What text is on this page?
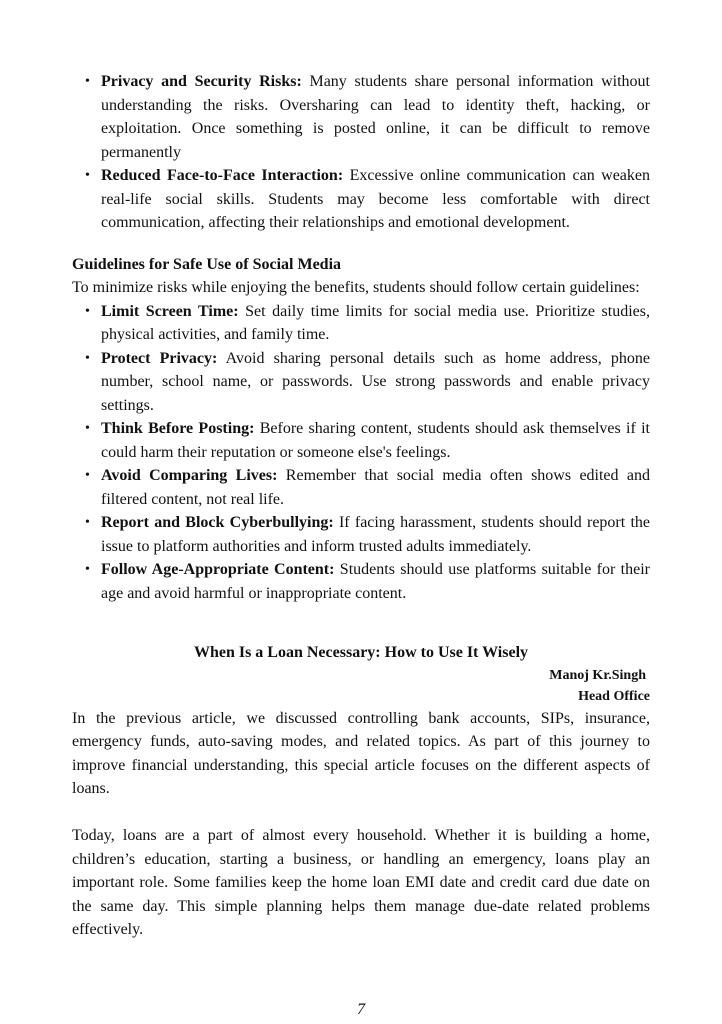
• Privacy and Security Risks: Many students share personal information without understanding the risks. Oversharing can lead to identity theft, hacking, or exploitation. Once something is posted online, it can be difficult to remove permanently
• Reduced Face-to-Face Interaction: Excessive online communication can weaken real-life social skills. Students may become less comfortable with direct communication, affecting their relationships and emotional development.
Guidelines for Safe Use of Social Media

To minimize risks while enjoying the benefits, students should follow certain guidelines:

• Limit Screen Time: Set daily time limits for social media use. Prioritize studies, physical activities, and family time.
• Protect Privacy: Avoid sharing personal details such as home address, phone number, school name, or passwords. Use strong passwords and enable privacy settings.
• Think Before Posting: Before sharing content, students should ask themselves if it could harm their reputation or someone else's feelings.
• Avoid Comparing Lives: Remember that social media often shows edited and filtered content, not real life.
• Report and Block Cyberbullying: If facing harassment, students should report the issue to platform authorities and inform trusted adults immediately.
• Follow Age-Appropriate Content: Students should use platforms suitable for their age and avoid harmful or inappropriate content.
When Is a Loan Necessary: How to Use It Wisely
Manoj Kr.Singh
Head Office

In the previous article, we discussed controlling bank accounts, SIPs, insurance, emergency funds, auto-saving modes, and related topics. As part of this journey to improve financial understanding, this special article focuses on the different aspects of loans.

Today, loans are a part of almost every household. Whether it is building a home, children’s education, starting a business, or handling an emergency, loans play an important role. Some families keep the home loan EMI date and credit card due date on the same day. This simple planning helps them manage due-date related problems effectively.

7
